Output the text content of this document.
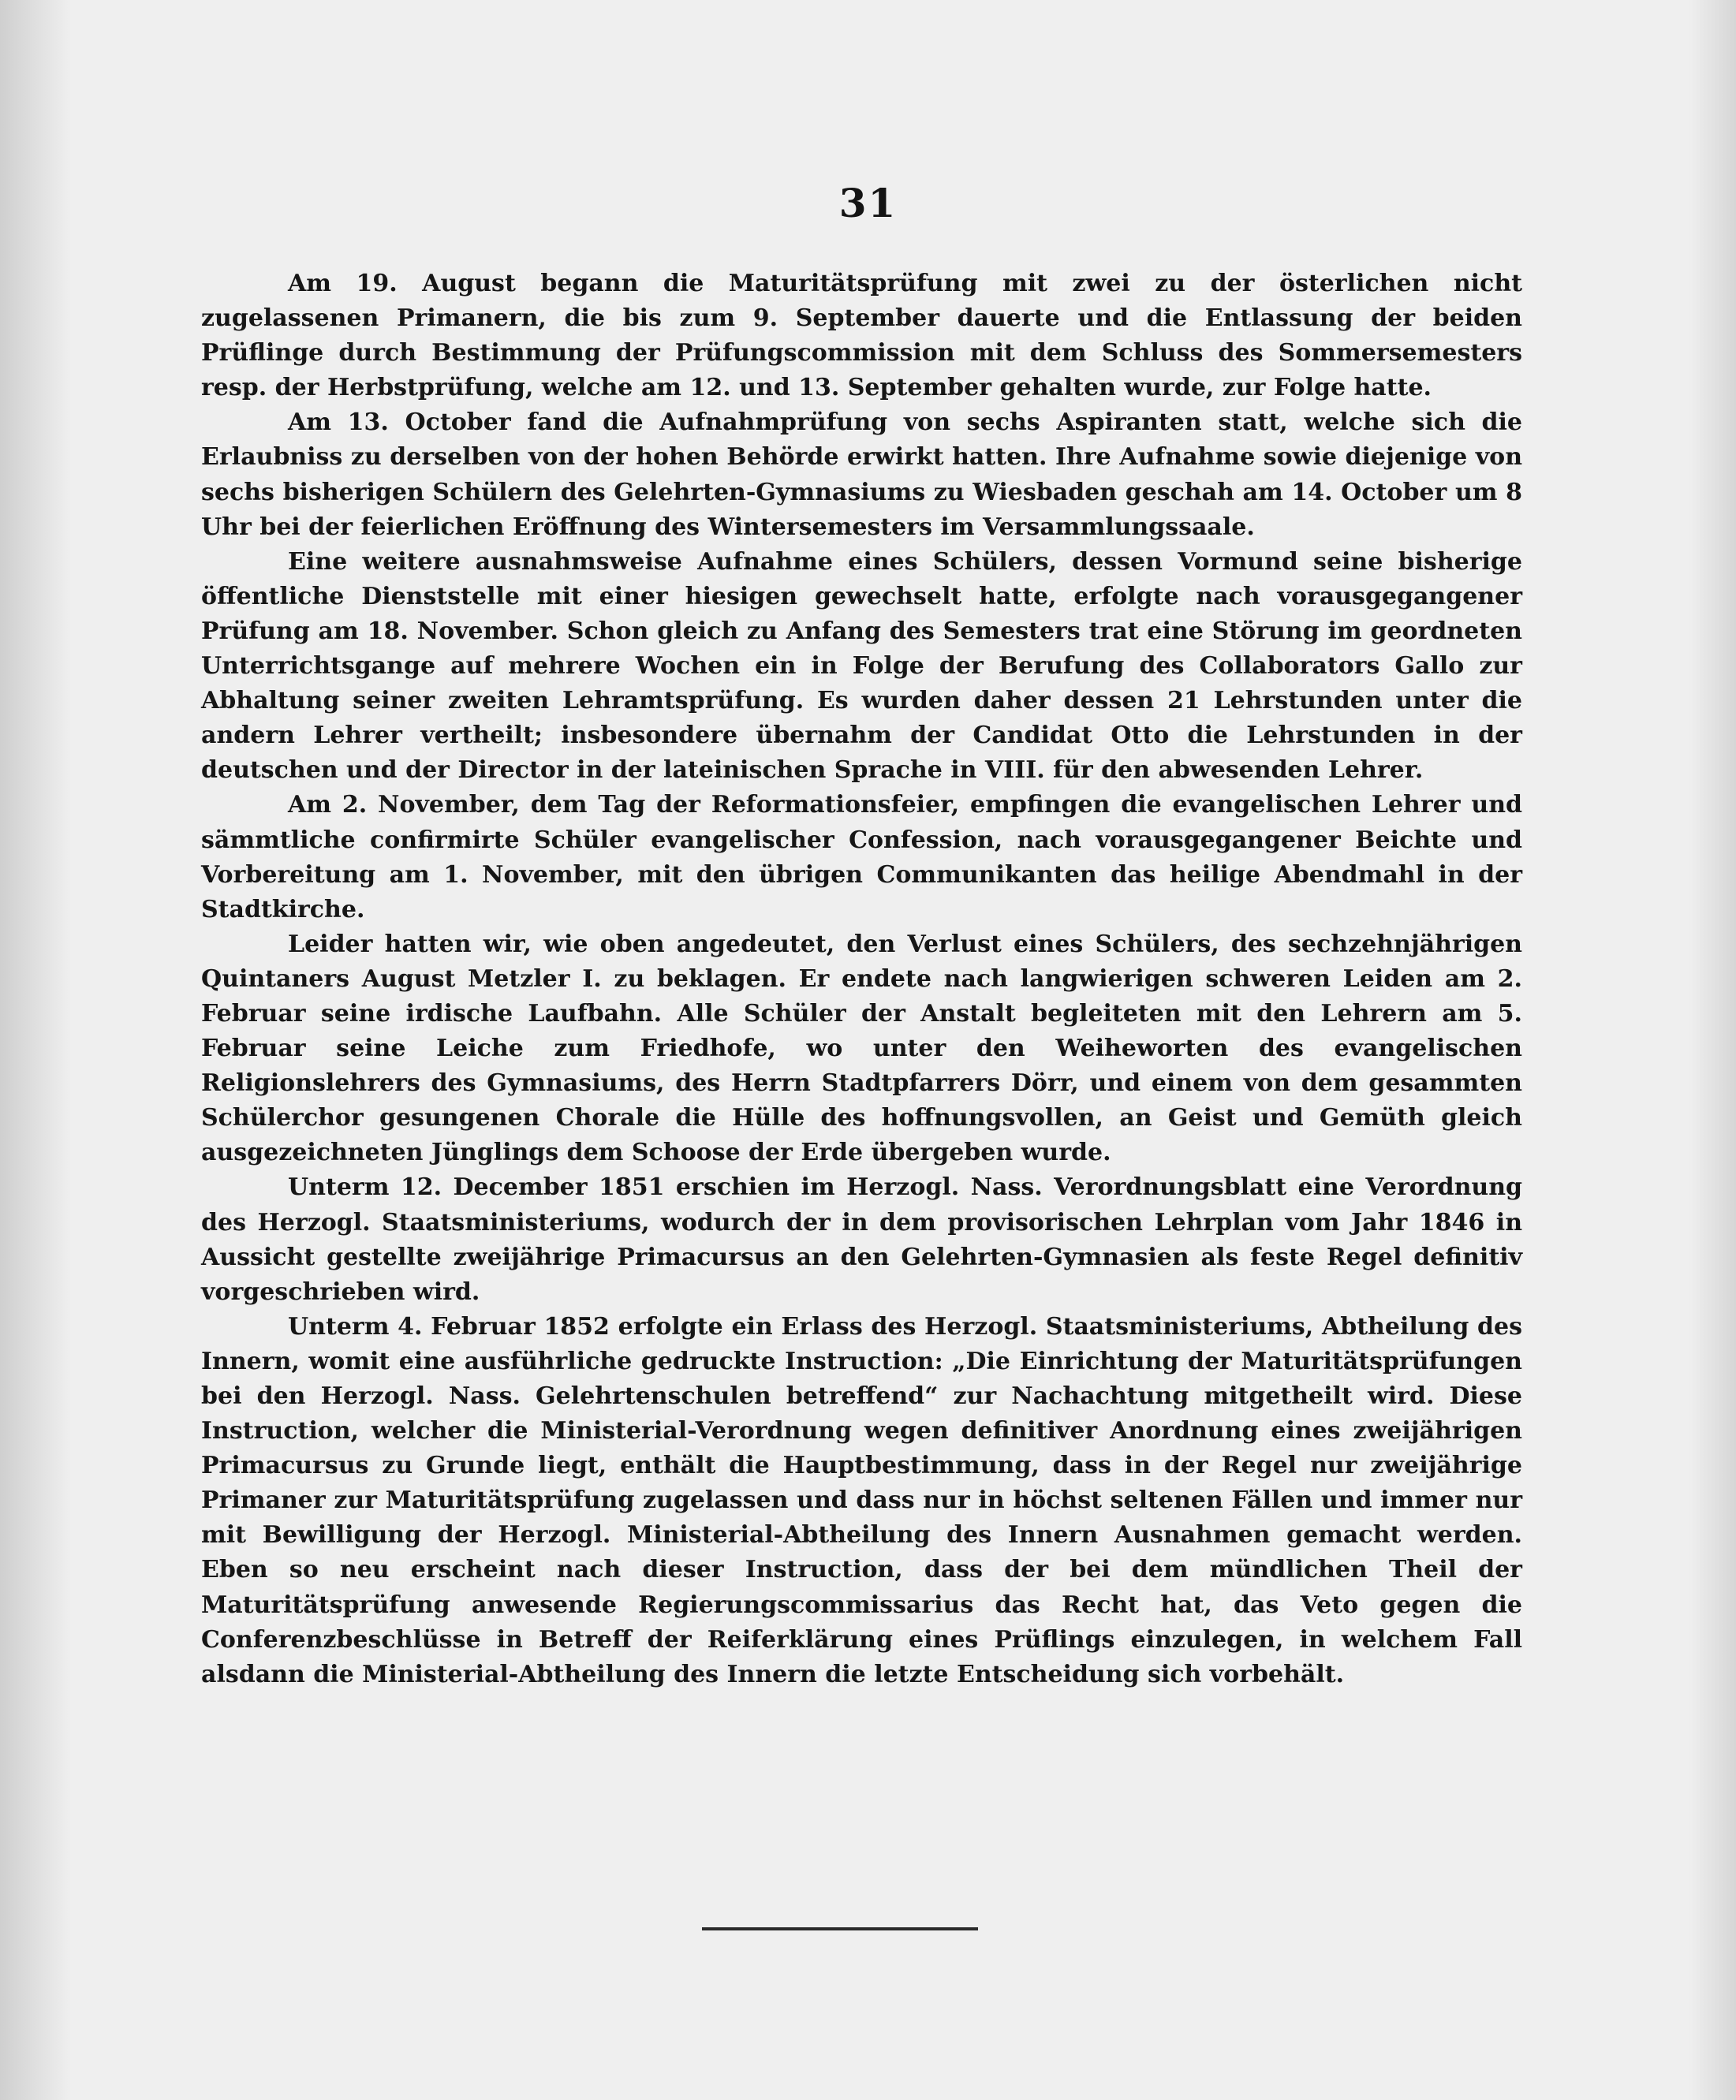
31

Am 19. August begann die Maturitätsprüfung mit zwei zu der österlichen nicht zugelassenen Primanern, die bis zum 9. September dauerte und die Entlassung der beiden Prüflinge durch Bestimmung der Prüfungscommission mit dem Schluss des Sommersemesters resp. der Herbstprüfung, welche am 12. und 13. September gehalten wurde, zur Folge hatte.

Am 13. October fand die Aufnahmprüfung von sechs Aspiranten statt, welche sich die Erlaubniss zu derselben von der hohen Behörde erwirkt hatten. Ihre Aufnahme sowie diejenige von sechs bisherigen Schülern des Gelehrten-Gymnasiums zu Wiesbaden geschah am 14. October um 8 Uhr bei der feierlichen Eröffnung des Wintersemesters im Versammlungssaale.

Eine weitere ausnahmsweise Aufnahme eines Schülers, dessen Vormund seine bisherige öffentliche Dienststelle mit einer hiesigen gewechselt hatte, erfolgte nach vorausgegangener Prüfung am 18. November. Schon gleich zu Anfang des Semesters trat eine Störung im geordneten Unterrichtsgange auf mehrere Wochen ein in Folge der Berufung des Collaborators Gallo zur Abhaltung seiner zweiten Lehramtsprüfung. Es wurden daher dessen 21 Lehrstunden unter die andern Lehrer vertheilt; insbesondere übernahm der Candidat Otto die Lehrstunden in der deutschen und der Director in der lateinischen Sprache in VIII. für den abwesenden Lehrer.

Am 2. November, dem Tag der Reformationsfeier, empfingen die evangelischen Lehrer und sämmtliche confirmirte Schüler evangelischer Confession, nach vorausgegangener Beichte und Vorbereitung am 1. November, mit den übrigen Communikanten das heilige Abendmahl in der Stadtkirche.

Leider hatten wir, wie oben angedeutet, den Verlust eines Schülers, des sechzehnjährigen Quintaners August Metzler I. zu beklagen. Er endete nach langwierigen schweren Leiden am 2. Februar seine irdische Laufbahn. Alle Schüler der Anstalt begleiteten mit den Lehrern am 5. Februar seine Leiche zum Friedhofe, wo unter den Weiheworten des evangelischen Religionslehrers des Gymnasiums, des Herrn Stadtpfarrers Dörr, und einem von dem gesammten Schülerchor gesungenen Chorale die Hülle des hoffnungsvollen, an Geist und Gemüth gleich ausgezeichneten Jünglings dem Schoose der Erde übergeben wurde.

Unterm 12. December 1851 erschien im Herzogl. Nass. Verordnungsblatt eine Verordnung des Herzogl. Staatsministeriums, wodurch der in dem provisorischen Lehrplan vom Jahr 1846 in Aussicht gestellte zweijährige Primacursus an den Gelehrten-Gymnasien als feste Regel definitiv vorgeschrieben wird.

Unterm 4. Februar 1852 erfolgte ein Erlass des Herzogl. Staatsministeriums, Abtheilung des Innern, womit eine ausführliche gedruckte Instruction: „Die Einrichtung der Maturitätsprüfungen bei den Herzogl. Nass. Gelehrtenschulen betreffend“ zur Nachachtung mitgetheilt wird. Diese Instruction, welcher die Ministerial-Verordnung wegen definitiver Anordnung eines zweijährigen Primacursus zu Grunde liegt, enthält die Hauptbestimmung, dass in der Regel nur zweijährige Primaner zur Maturitätsprüfung zugelassen und dass nur in höchst seltenen Fällen und immer nur mit Bewilligung der Herzogl. Ministerial-Abtheilung des Innern Ausnahmen gemacht werden. Eben so neu erscheint nach dieser Instruction, dass der bei dem mündlichen Theil der Maturitätsprüfung anwesende Regierungscommissarius das Recht hat, das Veto gegen die Conferenzbeschlüsse in Betreff der Reiferklärung eines Prüflings einzulegen, in welchem Fall alsdann die Ministerial-Abtheilung des Innern die letzte Entscheidung sich vorbehält.
